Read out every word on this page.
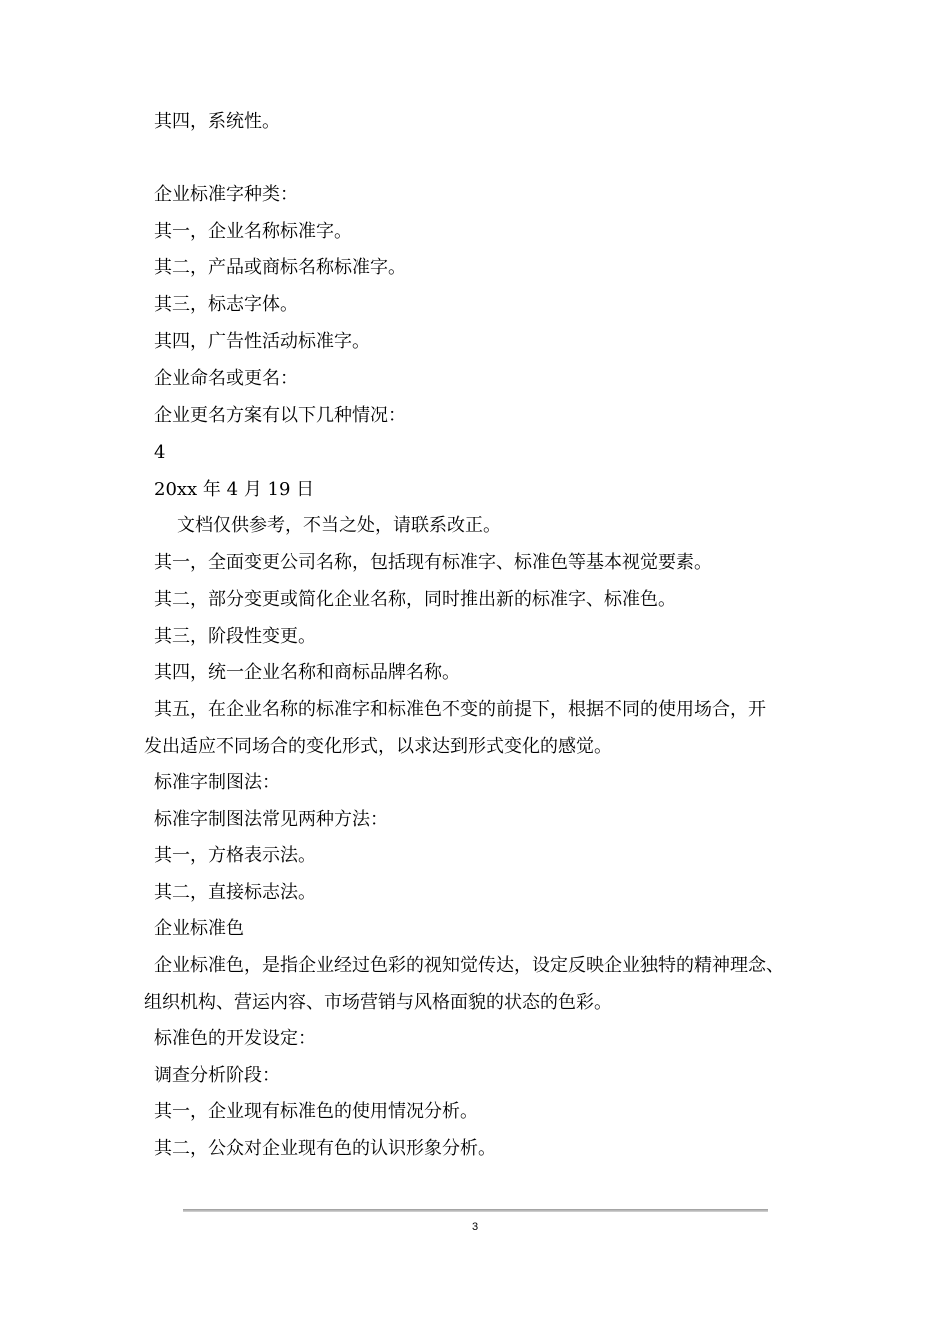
其四，系统性。
企业标准字种类：
其一，企业名称标准字。
其二，产品或商标名称标准字。
其三，标志字体。
其四，广告性活动标准字。
企业命名或更名：
企业更名方案有以下几种情况：
4
20xx 年 4 月 19 日
文档仅供参考，不当之处，请联系改正。
其一，全面变更公司名称，包括现有标准字、标准色等基本视觉要素。
其二，部分变更或简化企业名称，同时推出新的标准字、标准色。
其三，阶段性变更。
其四，统一企业名称和商标品牌名称。
其五，在企业名称的标准字和标准色不变的前提下，根据不同的使用场合，开
发出适应不同场合的变化形式，以求达到形式变化的感觉。
标准字制图法：
标准字制图法常见两种方法：
其一，方格表示法。
其二，直接标志法。
企业标准色
企业标准色，是指企业经过色彩的视知觉传达，设定反映企业独特的精神理念、
组织机构、营运内容、市场营销与风格面貌的状态的色彩。
标准色的开发设定：
调查分析阶段：
其一，企业现有标准色的使用情况分析。
其二，公众对企业现有色的认识形象分析。
3
